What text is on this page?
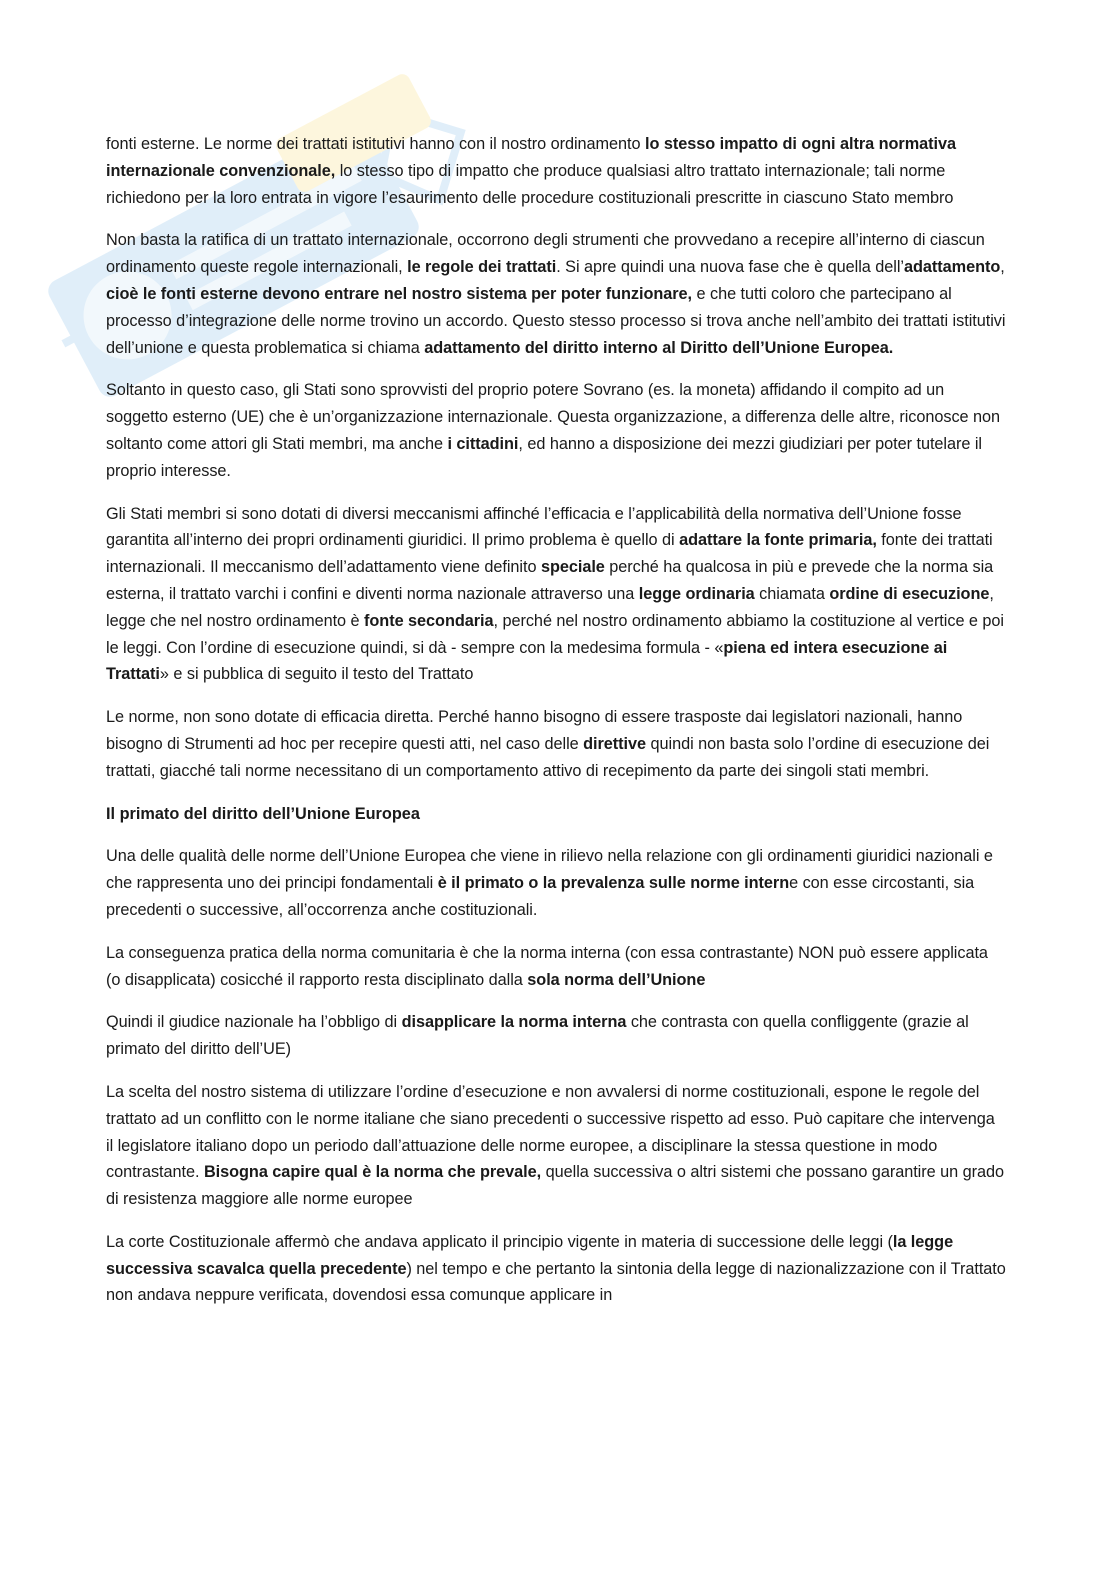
fonti esterne. Le norme dei trattati istitutivi hanno con il nostro ordinamento lo stesso impatto di ogni altra normativa internazionale convenzionale, lo stesso tipo di impatto che produce qualsiasi altro trattato internazionale; tali norme richiedono per la loro entrata in vigore l’esaurimento delle procedure costituzionali prescritte in ciascuno Stato membro

Non basta la ratifica di un trattato internazionale, occorrono degli strumenti che provvedano a recepire all’interno di ciascun ordinamento queste regole internazionali, le regole dei trattati. Si apre quindi una nuova fase che è quella dell’adattamento, cioè le fonti esterne devono entrare nel nostro sistema per poter funzionare, e che tutti coloro che partecipano al processo d’integrazione delle norme trovino un accordo. Questo stesso processo si trova anche nell’ambito dei trattati istitutivi dell’unione e questa problematica si chiama adattamento del diritto interno al Diritto dell’Unione Europea.

Soltanto in questo caso, gli Stati sono sprovvisti del proprio potere Sovrano (es. la moneta) affidando il compito ad un soggetto esterno (UE) che è un’organizzazione internazionale. Questa organizzazione, a differenza delle altre, riconosce non soltanto come attori gli Stati membri, ma anche i cittadini, ed hanno a disposizione dei mezzi giudiziari per poter tutelare il proprio interesse.

Gli Stati membri si sono dotati di diversi meccanismi affinché l’efficacia e l’applicabilità della normativa dell’Unione fosse garantita all’interno dei propri ordinamenti giuridici. Il primo problema è quello di adattare la fonte primaria, fonte dei trattati internazionali. Il meccanismo dell’adattamento viene definito speciale perché ha qualcosa in più e prevede che la norma sia esterna, il trattato varchi i confini e diventi norma nazionale attraverso una legge ordinaria chiamata ordine di esecuzione, legge che nel nostro ordinamento è fonte secondaria, perché nel nostro ordinamento abbiamo la costituzione al vertice e poi le leggi. Con l’ordine di esecuzione quindi, si dà - sempre con la medesima formula - «piena ed intera esecuzione ai Trattati» e si pubblica di seguito il testo del Trattato

Le norme, non sono dotate di efficacia diretta. Perché hanno bisogno di essere trasposte dai legislatori nazionali, hanno bisogno di Strumenti ad hoc per recepire questi atti, nel caso delle direttive quindi non basta solo l’ordine di esecuzione dei trattati, giacché tali norme necessitano di un comportamento attivo di recepimento da parte dei singoli stati membri.

Il primato del diritto dell’Unione Europea

Una delle qualità delle norme dell’Unione Europea che viene in rilievo nella relazione con gli ordinamenti giuridici nazionali e che rappresenta uno dei principi fondamentali è il primato o la prevalenza sulle norme interne con esse circostanti, sia precedenti o successive, all’occorrenza anche costituzionali.

La conseguenza pratica della norma comunitaria è che la norma interna (con essa contrastante) NON può essere applicata (o disapplicata) cosicché il rapporto resta disciplinato dalla sola norma dell’Unione

Quindi il giudice nazionale ha l’obbligo di disapplicare la norma interna che contrasta con quella confliggente (grazie al primato del diritto dell’UE)

La scelta del nostro sistema di utilizzare l’ordine d’esecuzione e non avvalersi di norme costituzionali, espone le regole del trattato ad un conflitto con le norme italiane che siano precedenti o successive rispetto ad esso. Può capitare che intervenga il legislatore italiano dopo un periodo dall’attuazione delle norme europee, a disciplinare la stessa questione in modo contrastante. Bisogna capire qual è la norma che prevale, quella successiva o altri sistemi che possano garantire un grado di resistenza maggiore alle norme europee

La corte Costituzionale affermò che andava applicato il principio vigente in materia di successione delle leggi (la legge successiva scavalca quella precedente) nel tempo e che pertanto la sintonia della legge di nazionalizzazione con il Trattato non andava neppure verificata, dovendosi essa comunque applicare in
